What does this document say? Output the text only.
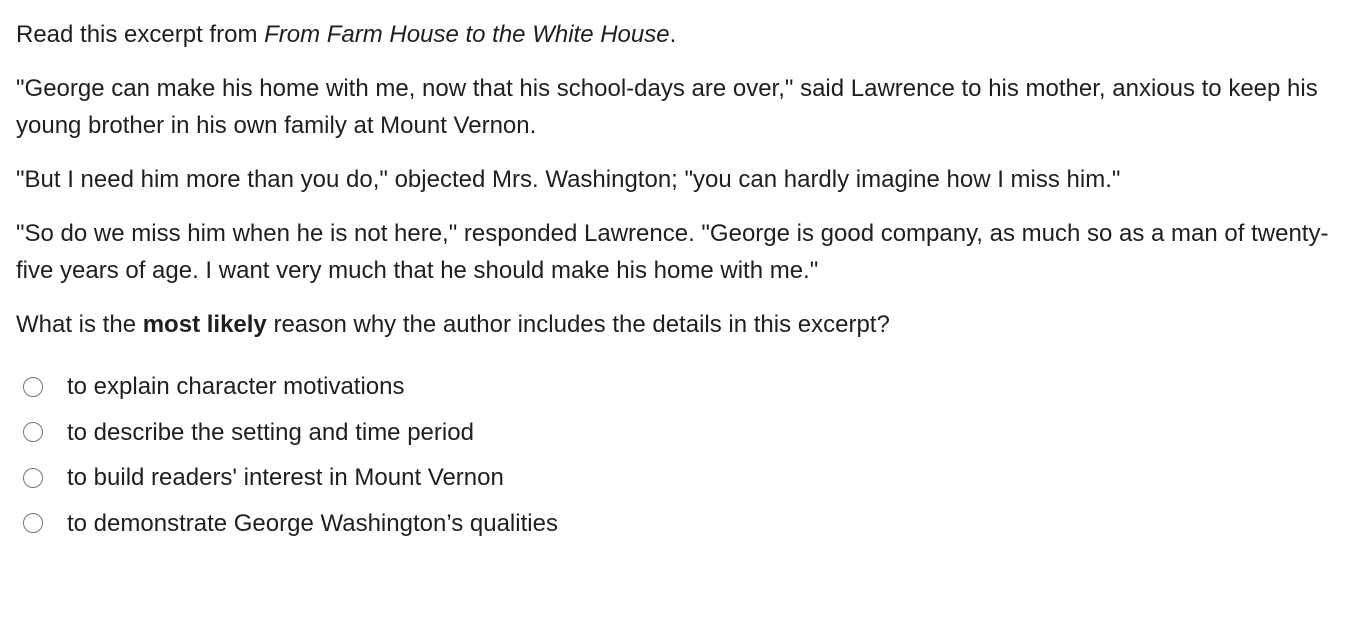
Read this excerpt from From Farm House to the White House.

"George can make his home with me, now that his school-days are over," said Lawrence to his mother, anxious to keep his young brother in his own family at Mount Vernon.

"But I need him more than you do," objected Mrs. Washington; "you can hardly imagine how I miss him."

"So do we miss him when he is not here," responded Lawrence. "George is good company, as much so as a man of twenty-five years of age. I want very much that he should make his home with me."

What is the most likely reason why the author includes the details in this excerpt?

to explain character motivations
to describe the setting and time period
to build readers' interest in Mount Vernon
to demonstrate George Washington’s qualities
